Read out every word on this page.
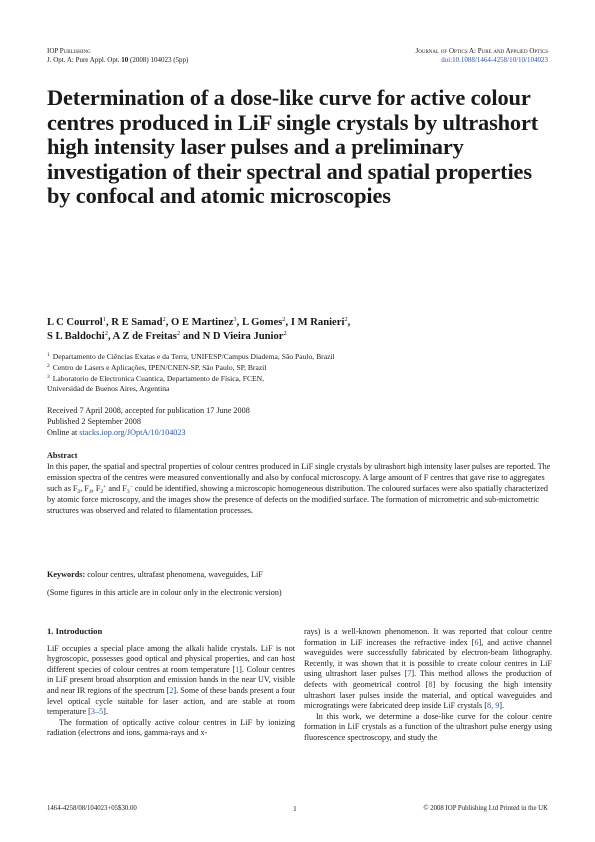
IOP Publishing
J. Opt. A: Pure Appl. Opt. 10 (2008) 104023 (5pp)
Journal of Optics A: Pure and Applied Optics
doi:10.1088/1464-4258/10/10/104023
Determination of a dose-like curve for active colour centres produced in LiF single crystals by ultrashort high intensity laser pulses and a preliminary investigation of their spectral and spatial properties by confocal and atomic microscopies
L C Courrol$^1$, R E Samad$^2$, O E Martinez$^3$, L Gomes$^2$, I M Ranieri$^2$,
S L Baldochi$^2$, A Z de Freitas$^2$ and N D Vieira Junior$^2$
$^1$ Departamento de Ciências Exatas e da Terra, UNIFESP/Campus Diadema, São Paulo, Brazil
$^2$ Centro de Lasers e Aplicações, IPEN/CNEN-SP, São Paulo, SP, Brazil
$^3$ Laboratorio de Electronica Cuantica, Departamento de Física, FCEN,
Universidad de Buenos Aires, Argentina
Received 7 April 2008, accepted for publication 17 June 2008
Published 2 September 2008
Online at stacks.iop.org/JOptA/10/104023
Abstract
In this paper, the spatial and spectral properties of colour centres produced in LiF single crystals by ultrashort high intensity laser pulses are reported. The emission spectra of the centres were measured conventionally and also by confocal microscopy. A large amount of F centres that gave rise to aggregates such as $F_2$, $F_4$, $F_2^+$ and $F_3^-$ could be identified, showing a microscopic homogeneous distribution. The coloured surfaces were also spatially characterized by atomic force microscopy, and the images show the presence of defects on the modified surface. The formation of micrometric and sub-micrometric structures was observed and related to filamentation processes.
Keywords: colour centres, ultrafast phenomena, waveguides, LiF
(Some figures in this article are in colour only in the electronic version)

1. Introduction

LiF occupies a special place among the alkali halide crystals. LiF is not hygroscopic, possesses good optical and physical properties, and can host different species of colour centres at room temperature [1]. Colour centres in LiF present broad absorption and emission bands in the near UV, visible and near IR regions of the spectrum [2]. Some of these bands present a four level optical cycle suitable for laser action, and are stable at room temperature [3–5].

The formation of optically active colour centres in LiF by ionizing radiation (electrons and ions, gamma-rays and x-

rays) is a well-known phenomenon. It was reported that colour centre formation in LiF increases the refractive index [6], and active channel waveguides were successfully fabricated by electron-beam lithography. Recently, it was shown that it is possible to create colour centres in LiF using ultrashort laser pulses [7]. This method allows the production of defects with geometrical control [8] by focusing the high intensity ultrashort laser pulses inside the material, and optical waveguides and microgratings were fabricated deep inside LiF crystals [8, 9].

In this work, we determine a dose-like curve for the colour centre formation in LiF crystals as a function of the ultrashort pulse energy using fluorescence spectroscopy, and study the

1464-4258/08/104023+05$30.00	1	© 2008 IOP Publishing Ltd Printed in the UK
